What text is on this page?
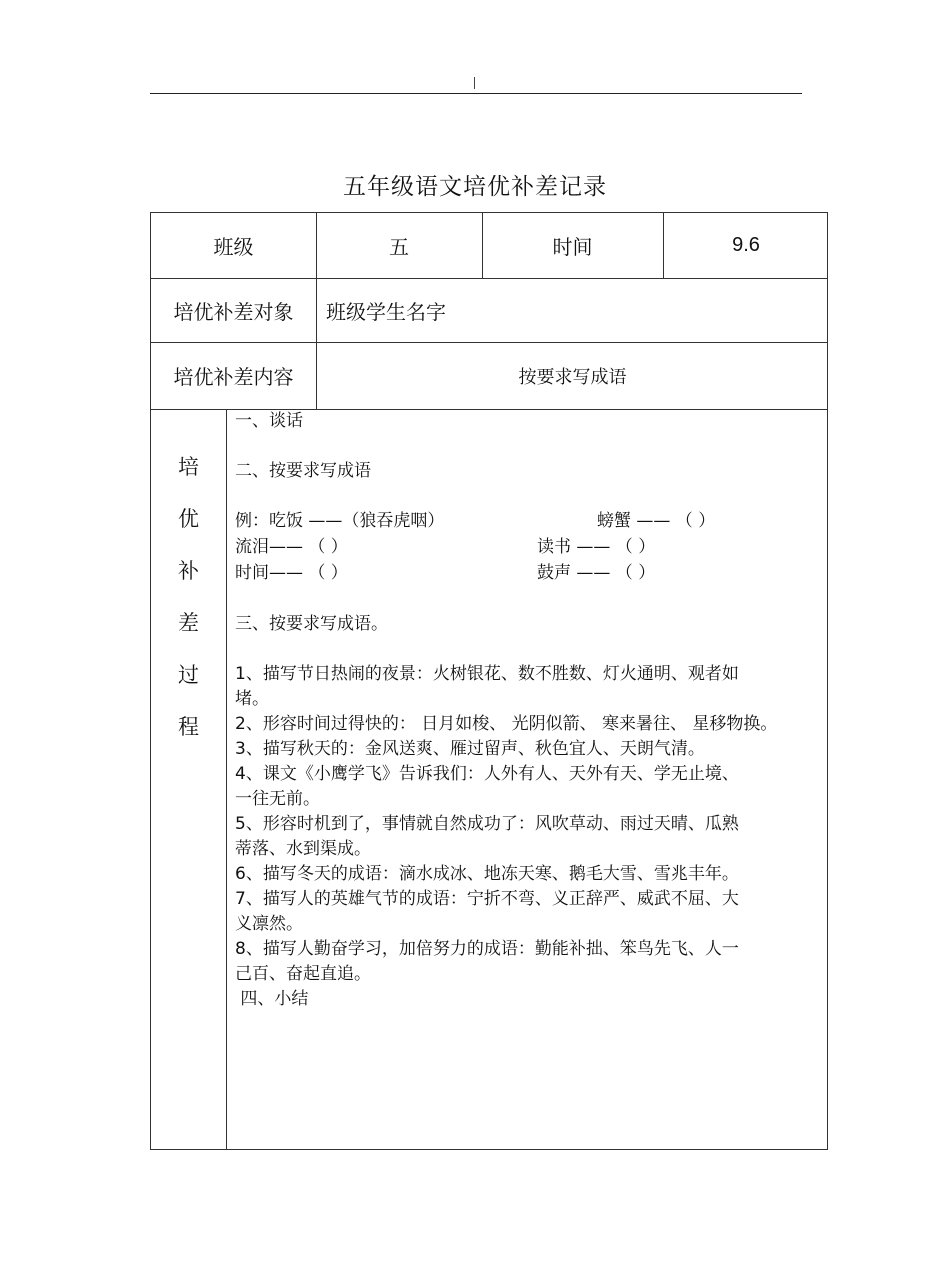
五年级语文培优补差记录
班级	五	时间	9.6
培优补差对象	班级学生名字
培优补差内容	按要求写成语
培
优
补
差
过
程
一、谈话
二、按要求写成语
例：吃饭 ——（狼吞虎咽）	螃蟹 —— （ ）
流泪—— （ ）	读书 —— （ ）
时间—— （ ）	鼓声 —— （ ）
三、按要求写成语。
1、描写节日热闹的夜景：火树银花、数不胜数、灯火通明、观者如
堵。
2、形容时间过得快的： 日月如梭、 光阴似箭、 寒来暑往、 星移物换。
3、描写秋天的：金风送爽、雁过留声、秋色宜人、天朗气清。
4、课文《小鹰学飞》告诉我们：人外有人、天外有天、学无止境、
一往无前。
5、形容时机到了，事情就自然成功了：风吹草动、雨过天晴、瓜熟
蒂落、水到渠成。
6、描写冬天的成语：滴水成冰、地冻天寒、鹅毛大雪、雪兆丰年。
7、描写人的英雄气节的成语：宁折不弯、义正辞严、威武不屈、大
义凛然。
8、描写人勤奋学习，加倍努力的成语：勤能补拙、笨鸟先飞、人一
己百、奋起直追。
四、小结
